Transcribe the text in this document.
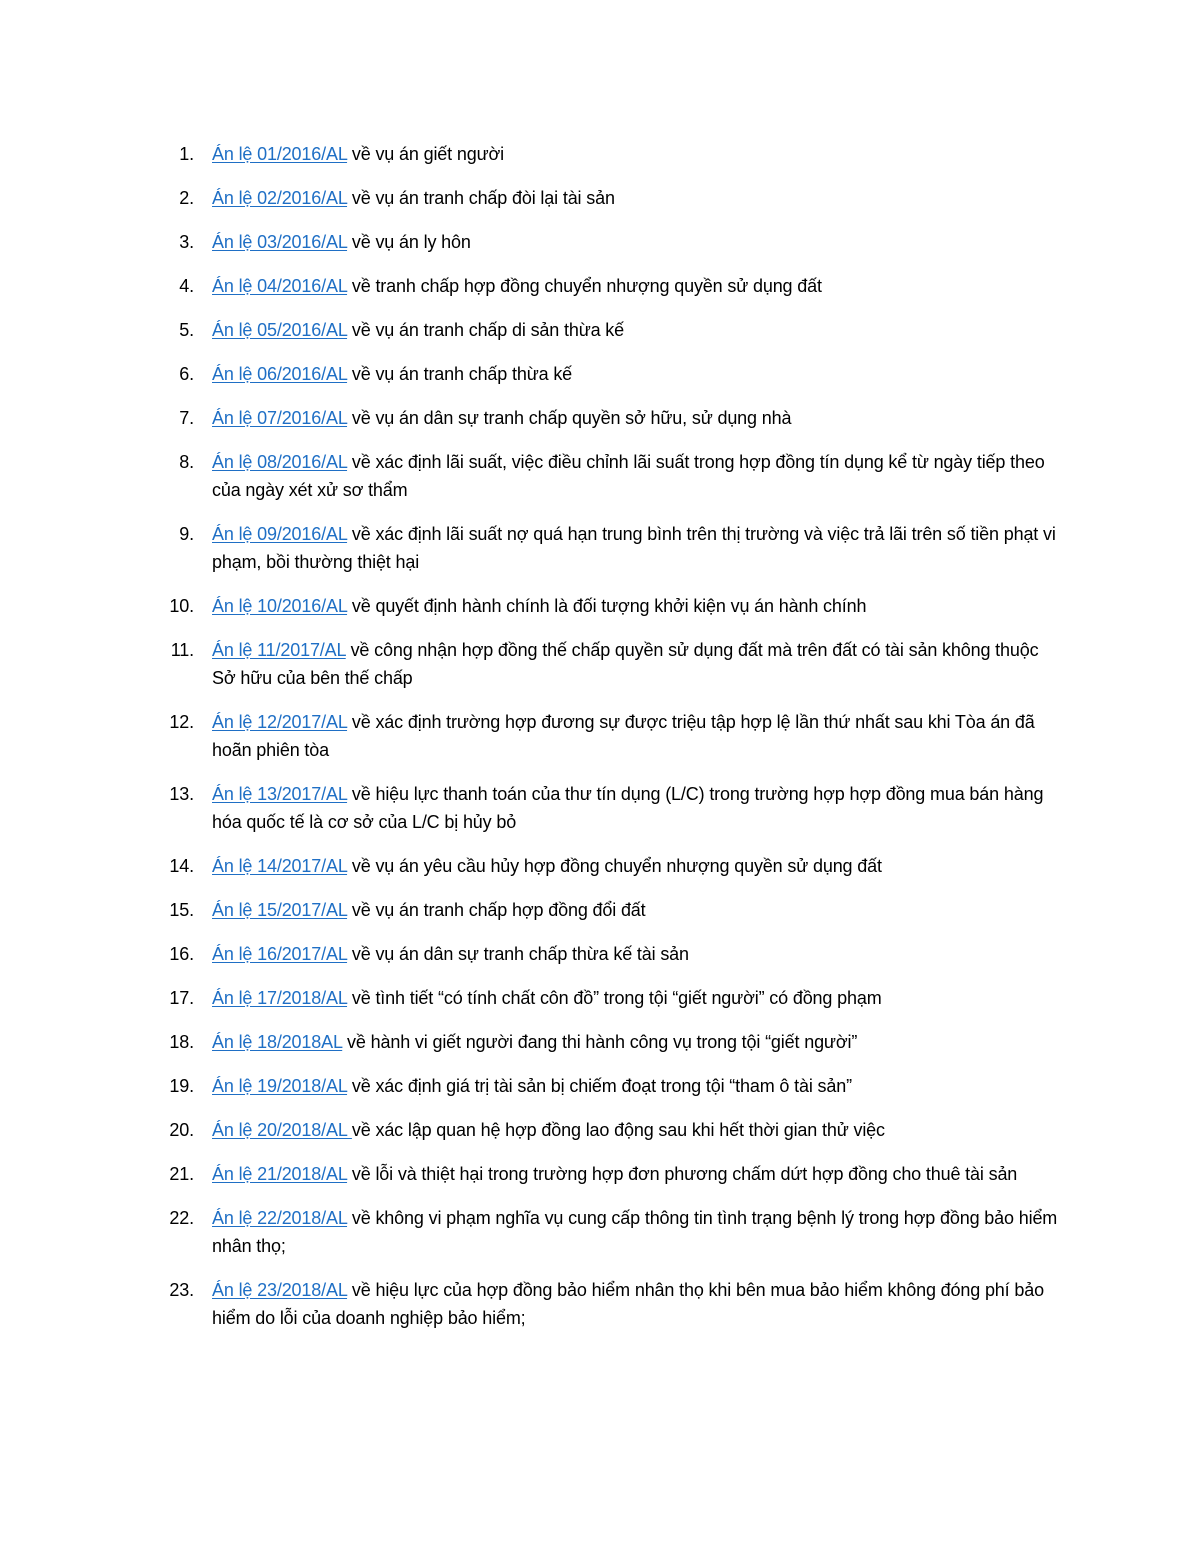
1. Án lệ 01/2016/AL về vụ án giết người
2. Án lệ 02/2016/AL về vụ án tranh chấp đòi lại tài sản
3. Án lệ 03/2016/AL về vụ án ly hôn
4. Án lệ 04/2016/AL về tranh chấp hợp đồng chuyển nhượng quyền sử dụng đất
5. Án lệ 05/2016/AL về vụ án tranh chấp di sản thừa kế
6. Án lệ 06/2016/AL về vụ án tranh chấp thừa kế
7. Án lệ 07/2016/AL về vụ án dân sự tranh chấp quyền sở hữu, sử dụng nhà
8. Án lệ 08/2016/AL về xác định lãi suất, việc điều chỉnh lãi suất trong hợp đồng tín dụng kể từ ngày tiếp theo của ngày xét xử sơ thẩm
9. Án lệ 09/2016/AL về xác định lãi suất nợ quá hạn trung bình trên thị trường và việc trả lãi trên số tiền phạt vi phạm, bồi thường thiệt hại
10. Án lệ 10/2016/AL về quyết định hành chính là đối tượng khởi kiện vụ án hành chính
11. Án lệ 11/2017/AL về công nhận hợp đồng thế chấp quyền sử dụng đất mà trên đất có tài sản không thuộc Sở hữu của bên thế chấp
12. Án lệ 12/2017/AL về xác định trường hợp đương sự được triệu tập hợp lệ lần thứ nhất sau khi Tòa án đã hoãn phiên tòa
13. Án lệ 13/2017/AL về hiệu lực thanh toán của thư tín dụng (L/C) trong trường hợp hợp đồng mua bán hàng hóa quốc tế là cơ sở của L/C bị hủy bỏ
14. Án lệ 14/2017/AL về vụ án yêu cầu hủy hợp đồng chuyển nhượng quyền sử dụng đất
15. Án lệ 15/2017/AL về vụ án tranh chấp hợp đồng đổi đất
16. Án lệ 16/2017/AL về vụ án dân sự tranh chấp thừa kế tài sản
17. Án lệ 17/2018/AL về tình tiết “có tính chất côn đồ” trong tội “giết người” có đồng phạm
18. Án lệ 18/2018AL về hành vi giết người đang thi hành công vụ trong tội “giết người”
19. Án lệ 19/2018/AL về xác định giá trị tài sản bị chiếm đoạt trong tội “tham ô tài sản”
20. Án lệ 20/2018/AL về xác lập quan hệ hợp đồng lao động sau khi hết thời gian thử việc
21. Án lệ 21/2018/AL về lỗi và thiệt hại trong trường hợp đơn phương chấm dứt hợp đồng cho thuê tài sản
22. Án lệ 22/2018/AL về không vi phạm nghĩa vụ cung cấp thông tin tình trạng bệnh lý trong hợp đồng bảo hiểm nhân thọ;
23. Án lệ 23/2018/AL về hiệu lực của hợp đồng bảo hiểm nhân thọ khi bên mua bảo hiểm không đóng phí bảo hiểm do lỗi của doanh nghiệp bảo hiểm;
